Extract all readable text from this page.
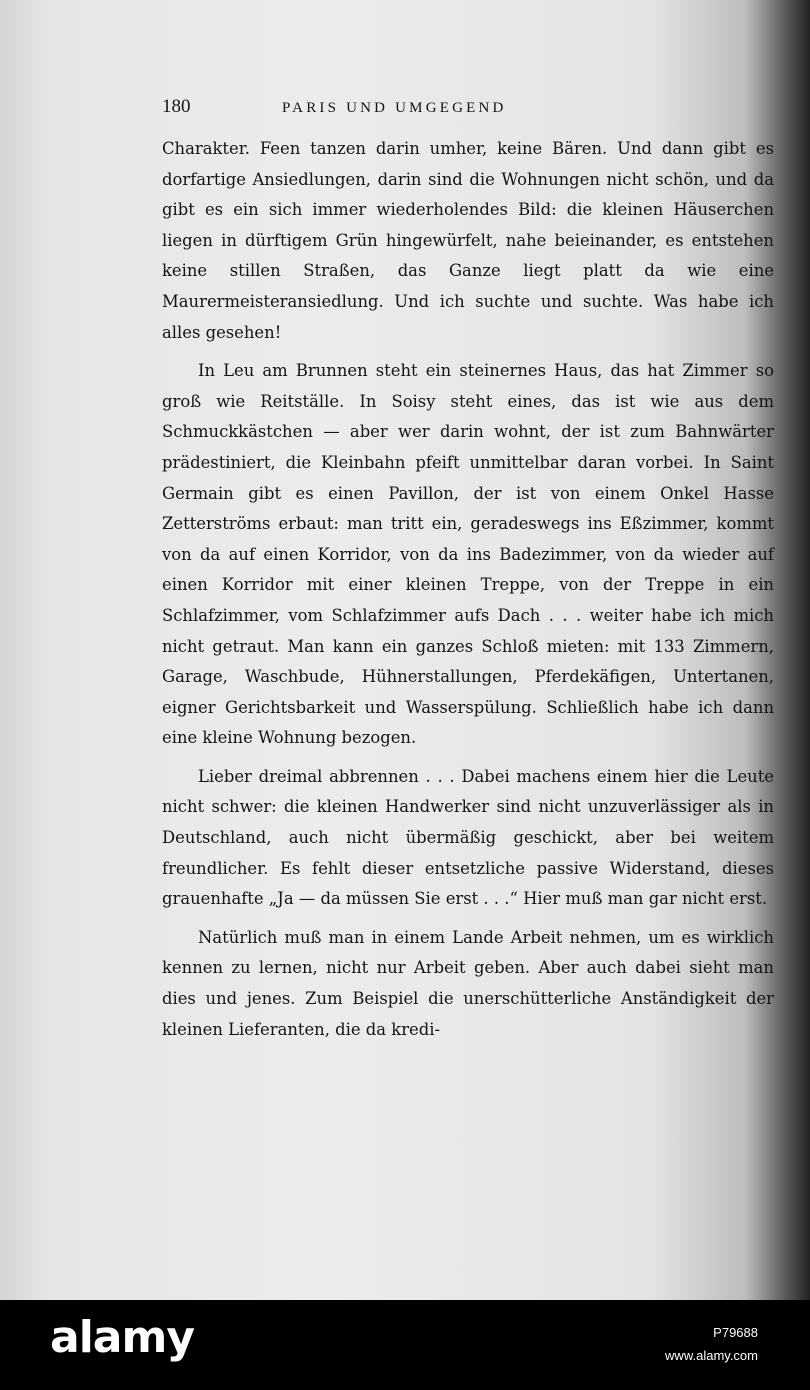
180	PARIS UND UMGEGEND

Charakter. Feen tanzen darin umher, keine Bären. Und dann gibt es dorfartige Ansiedlungen, darin sind die Wohnungen nicht schön, und da gibt es ein sich immer wiederholendes Bild: die kleinen Häuserchen liegen in dürftigem Grün hingewürfelt, nahe beieinander, es entstehen keine stillen Straßen, das Ganze liegt platt da wie eine Maurermeisteransiedlung. Und ich suchte und suchte. Was habe ich alles gesehen!

In Leu am Brunnen steht ein steinernes Haus, das hat Zimmer so groß wie Reitställe. In Soisy steht eines, das ist wie aus dem Schmuckkästchen — aber wer darin wohnt, der ist zum Bahnwärter prädestiniert, die Kleinbahn pfeift unmittelbar daran vorbei. In Saint Germain gibt es einen Pavillon, der ist von einem Onkel Hasse Zetterströms erbaut: man tritt ein, geradeswegs ins Eßzimmer, kommt von da auf einen Korridor, von da ins Badezimmer, von da wieder auf einen Korridor mit einer kleinen Treppe, von der Treppe in ein Schlafzimmer, vom Schlafzimmer aufs Dach . . . weiter habe ich mich nicht getraut. Man kann ein ganzes Schloß mieten: mit 133 Zimmern, Garage, Waschbude, Hühnerstallungen, Pferdekäfigen, Untertanen, eigner Gerichtsbarkeit und Wasserspülung. Schließlich habe ich dann eine kleine Wohnung bezogen.

Lieber dreimal abbrennen . . . Dabei machens einem hier die Leute nicht schwer: die kleinen Handwerker sind nicht unzuverlässiger als in Deutschland, auch nicht übermäßig geschickt, aber bei weitem freundlicher. Es fehlt dieser entsetzliche passive Widerstand, dieses grauenhafte „Ja — da müssen Sie erst . . .“ Hier muß man gar nicht erst.

Natürlich muß man in einem Lande Arbeit nehmen, um es wirklich kennen zu lernen, nicht nur Arbeit geben. Aber auch dabei sieht man dies und jenes. Zum Beispiel die unerschütterliche Anständigkeit der kleinen Lieferanten, die da kredi-

alamy	P79688
www.alamy.com
